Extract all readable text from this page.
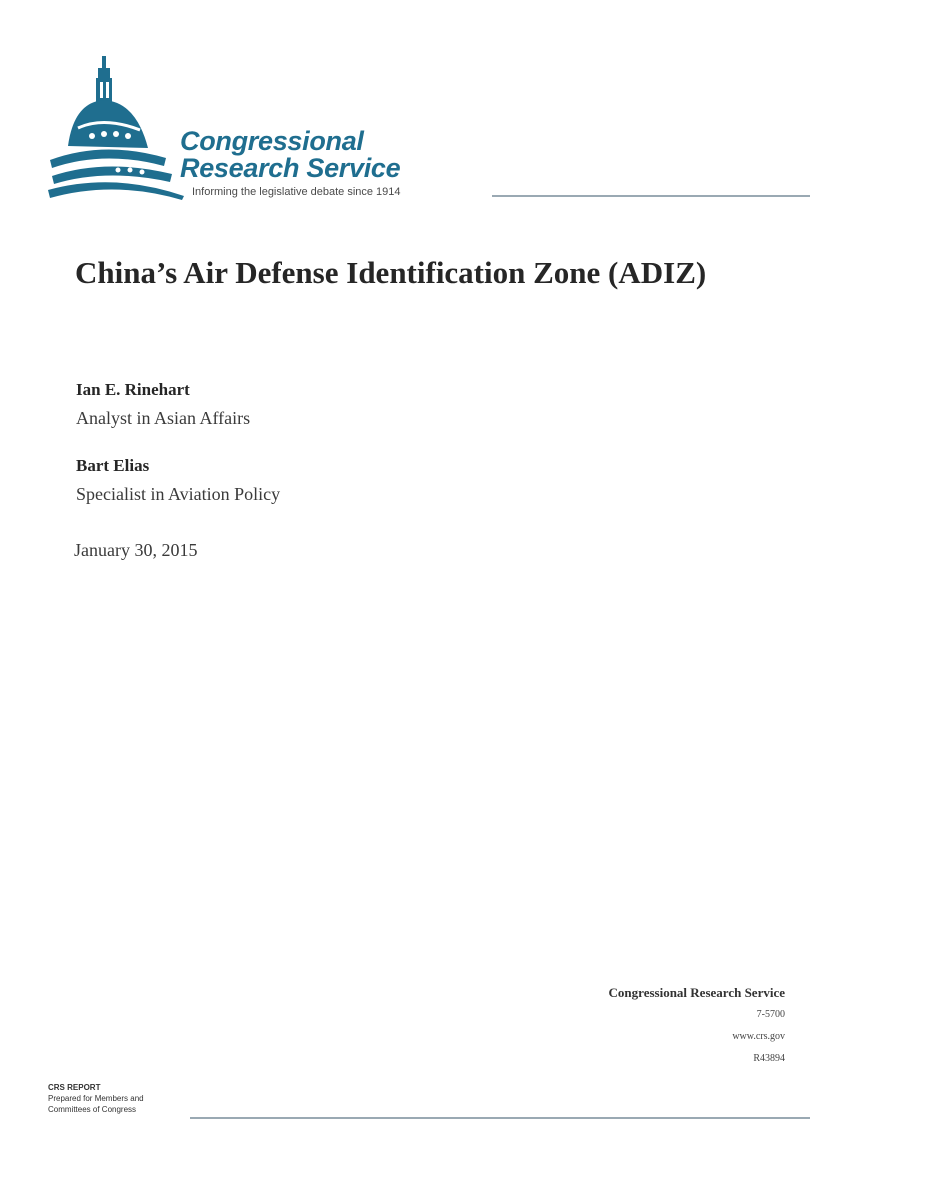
Congressional
Research Service
Informing the legislative debate since 1914
China’s Air Defense Identification Zone (ADIZ)
Ian E. Rinehart
Analyst in Asian Affairs
Bart Elias
Specialist in Aviation Policy
January 30, 2015
Congressional Research Service
7-5700
www.crs.gov
R43894
CRS REPORT
Prepared for Members and
Committees of Congress
